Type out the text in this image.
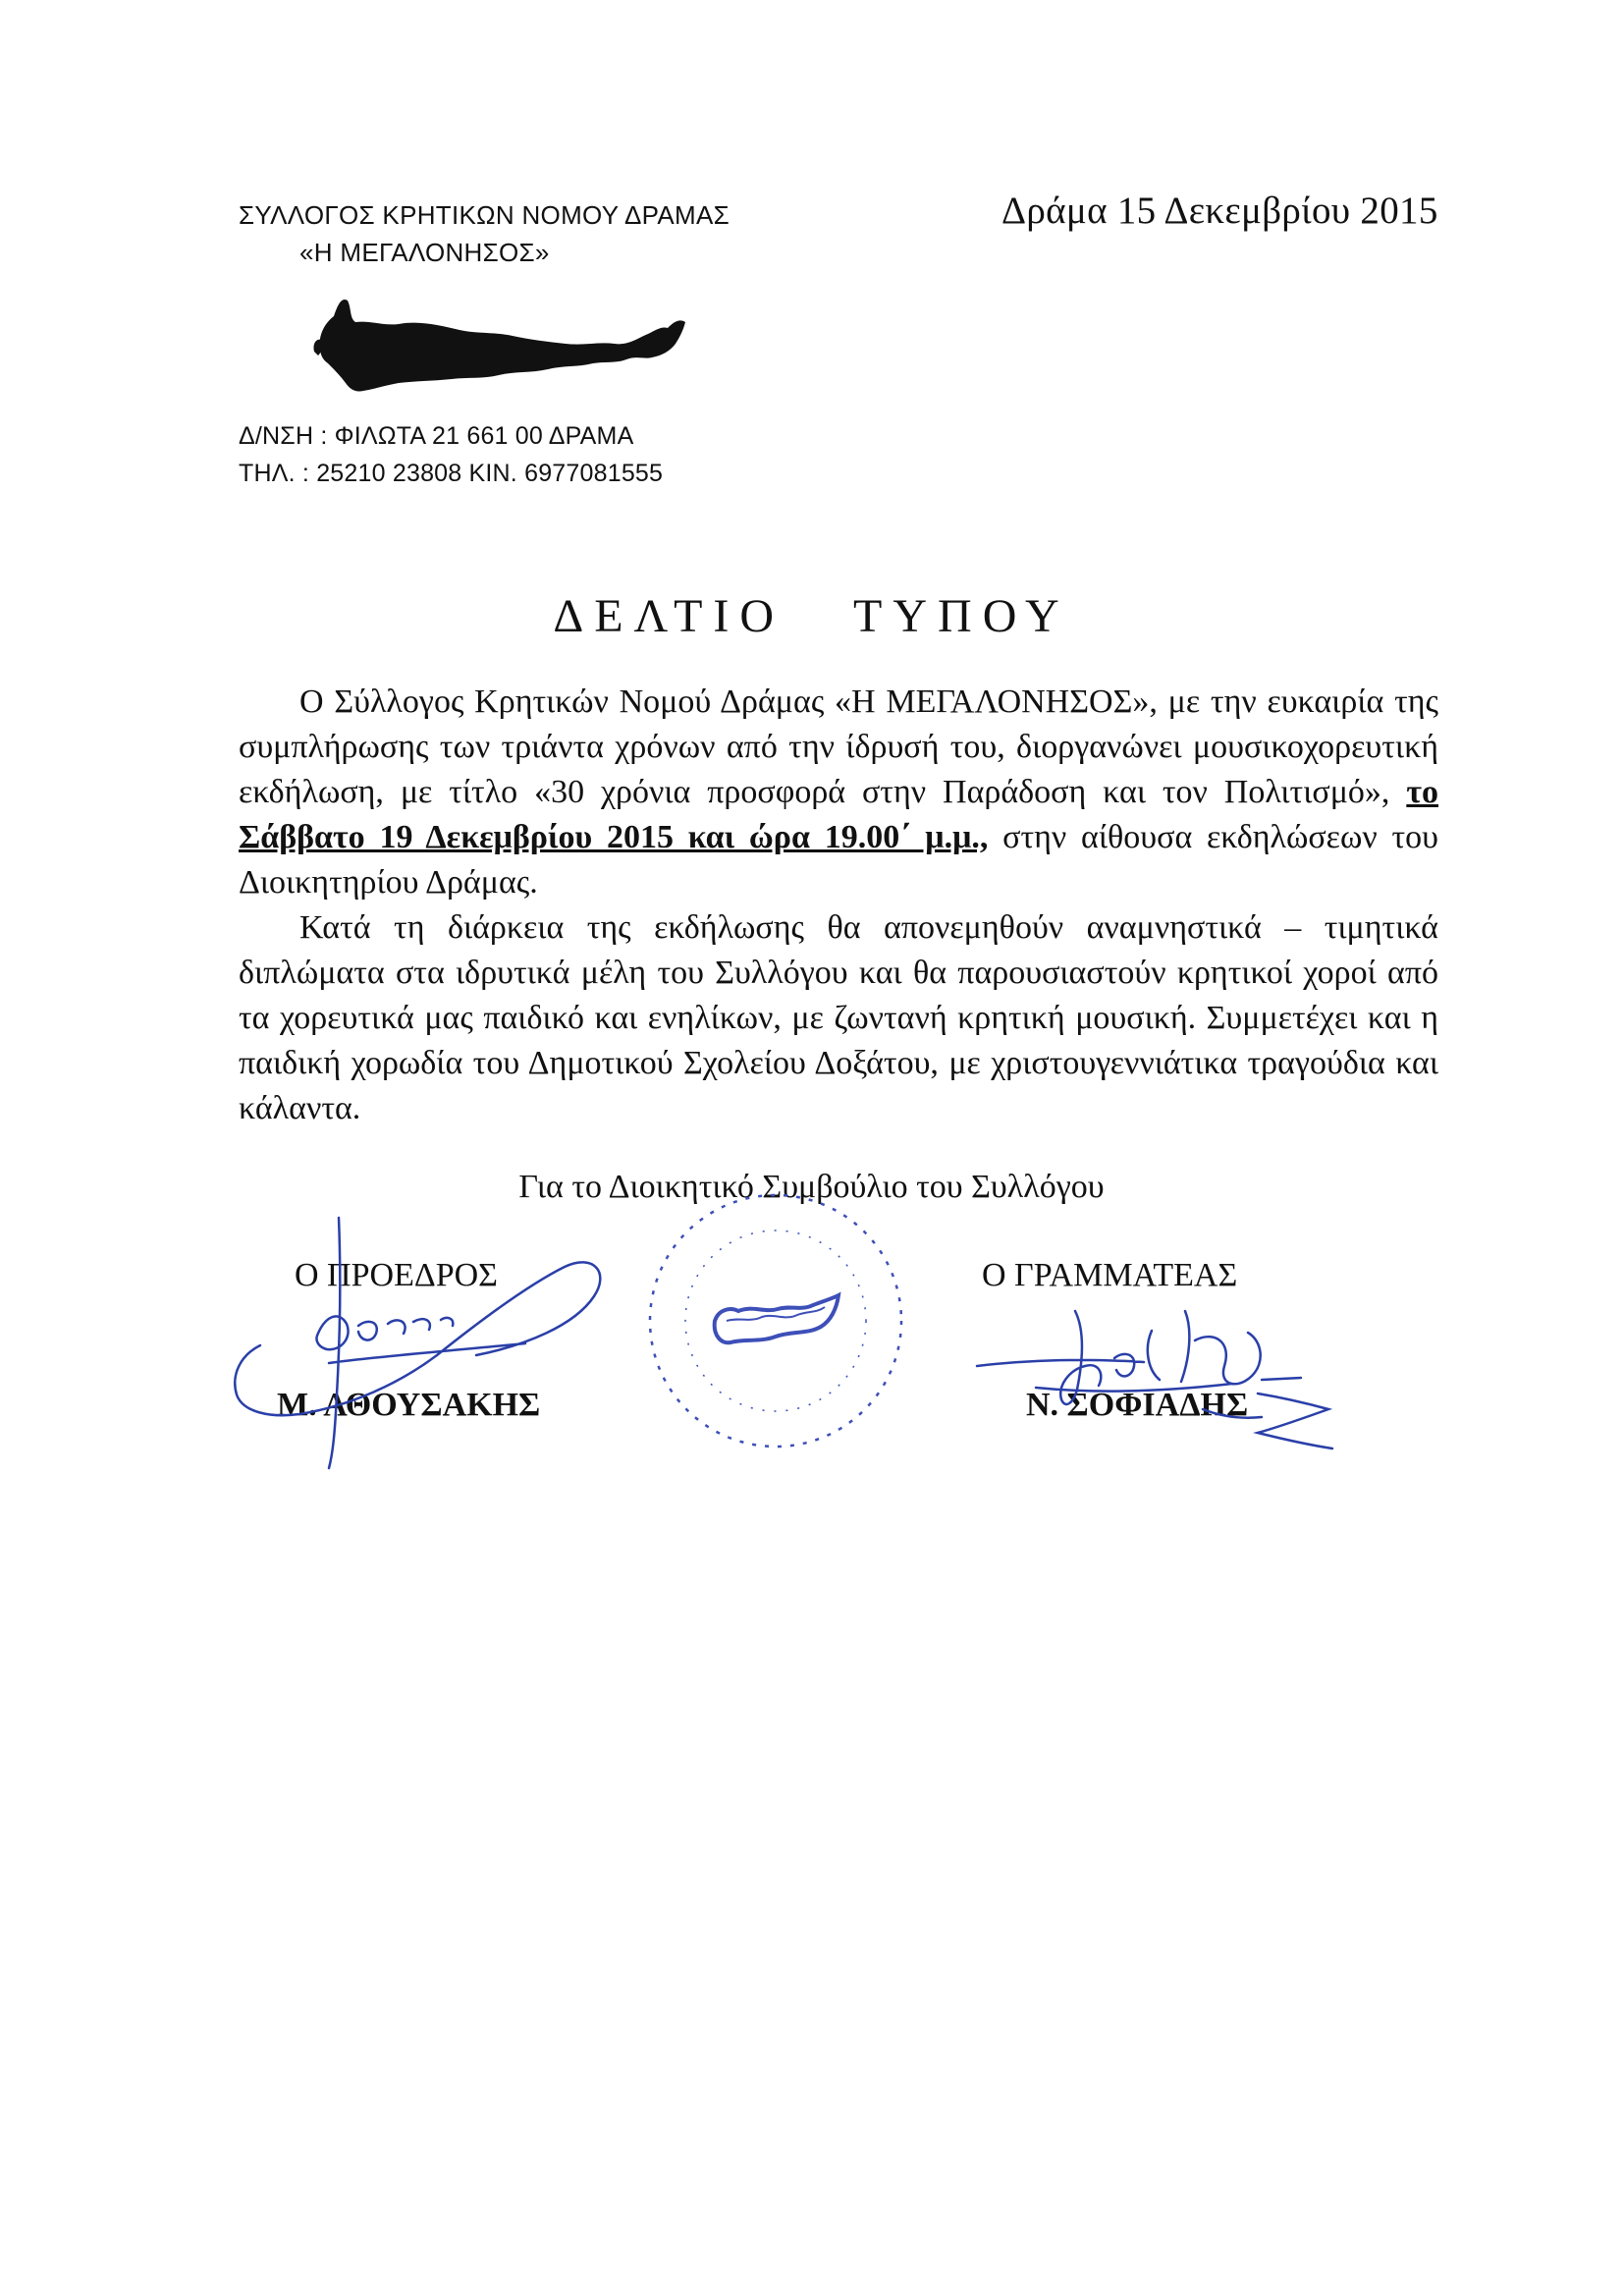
ΣΥΛΛΟΓΟΣ ΚΡΗΤΙΚΩΝ ΝΟΜΟΥ ΔΡΑΜΑΣ
«Η ΜΕΓΑΛΟΝΗΣΟΣ»
Δράμα 15 Δεκεμβρίου 2015
Δ/ΝΣΗ : ΦΙΛΩΤΑ 21 661 00 ΔΡΑΜΑ
ΤΗΛ. : 25210 23808 ΚΙΝ. 6977081555
ΔΕΛΤΙΟ ΤΥΠΟΥ

Ο Σύλλογος Κρητικών Νομού Δράμας «Η ΜΕΓΑΛΟΝΗΣΟΣ», με την ευκαιρία της συμπλήρωσης των τριάντα χρόνων από την ίδρυσή του, διοργανώνει μουσικοχορευτική εκδήλωση, με τίτλο «30 χρόνια προσφορά στην Παράδοση και τον Πολιτισμό», το Σάββατο 19 Δεκεμβρίου 2015 και ώρα 19.00΄ μ.μ., στην αίθουσα εκδηλώσεων του Διοικητηρίου Δράμας.

Κατά τη διάρκεια της εκδήλωσης θα απονεμηθούν αναμνηστικά – τιμητικά διπλώματα στα ιδρυτικά μέλη του Συλλόγου και θα παρουσιαστούν κρητικοί χοροί από τα χορευτικά μας παιδικό και ενηλίκων, με ζωντανή κρητική μουσική. Συμμετέχει και η παιδική χορωδία του Δημοτικού Σχολείου Δοξάτου, με χριστουγεννιάτικα τραγούδια και κάλαντα.

Για το Διοικητικό Συμβούλιο του Συλλόγου
Ο ΠΡΟΕΔΡΟΣ	Ο ΓΡΑΜΜΑΤΕΑΣ
Μ. ΑΘΟΥΣΑΚΗΣ	Ν. ΣΟΦΙΑΔΗΣ
